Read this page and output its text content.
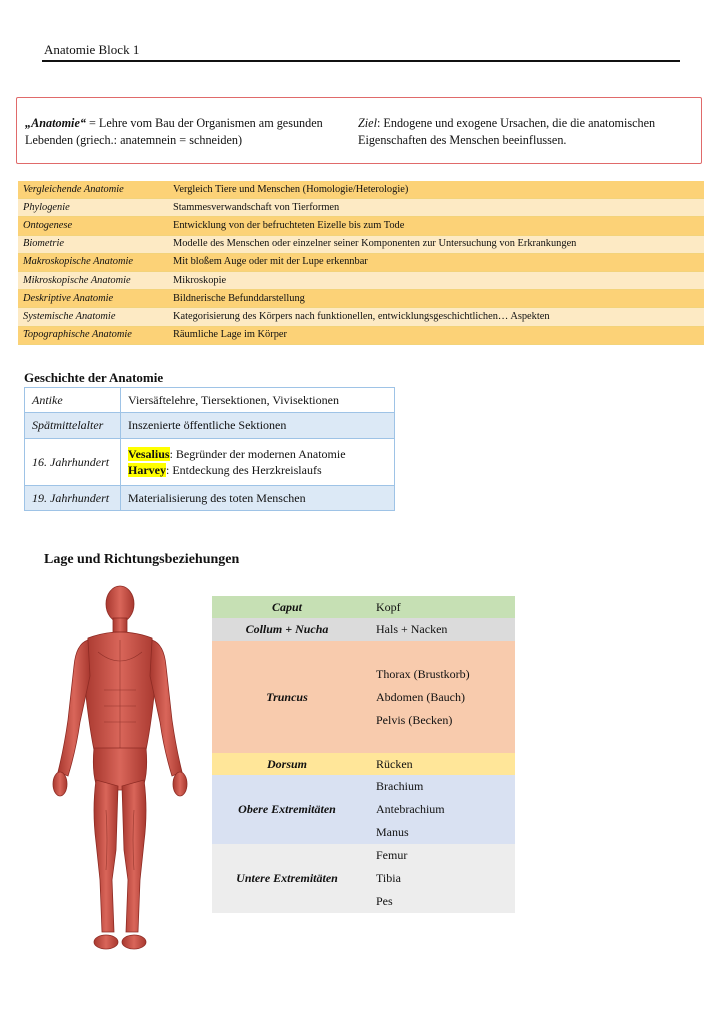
Anatomie Block 1
„Anatomie“ = Lehre vom Bau der Organismen am gesunden Lebenden (griech.: anatemnein = schneiden)
Ziel: Endogene und exogene Ursachen, die die anatomischen Eigenschaften des Menschen beeinflussen.
Vergleichende Anatomie	Vergleich Tiere und Menschen (Homologie/Heterologie)
Phylogenie	Stammesverwandschaft von Tierformen
Ontogenese	Entwicklung von der befruchteten Eizelle bis zum Tode
Biometrie	Modelle des Menschen oder einzelner seiner Komponenten zur Untersuchung von Erkrankungen
Makroskopische Anatomie	Mit bloßem Auge oder mit der Lupe erkennbar
Mikroskopische Anatomie	Mikroskopie
Deskriptive Anatomie	Bildnerische Befunddarstellung
Systemische Anatomie	Kategorisierung des Körpers nach funktionellen, entwicklungsgeschichtlichen… Aspekten
Topographische Anatomie	Räumliche Lage im Körper
Geschichte der Anatomie
Antike	Viersäftelehre, Tiersektionen, Vivisektionen
Spätmittelalter	Inszenierte öffentliche Sektionen
16. Jahrhundert	Vesalius: Begründer der modernen Anatomie
Harvey: Entdeckung des Herzkreislaufs
19. Jahrhundert	Materialisierung des toten Menschen
Lage und Richtungsbeziehungen
Caput	Kopf
Collum + Nucha	Hals + Nacken
Truncus	Thorax (Brustkorb)
Abdomen (Bauch)
Pelvis (Becken)

Dorsum	Rücken
Obere Extremitäten	Brachium
Antebrachium
Manus

Untere Extremitäten	Femur
Tibia
Pes
